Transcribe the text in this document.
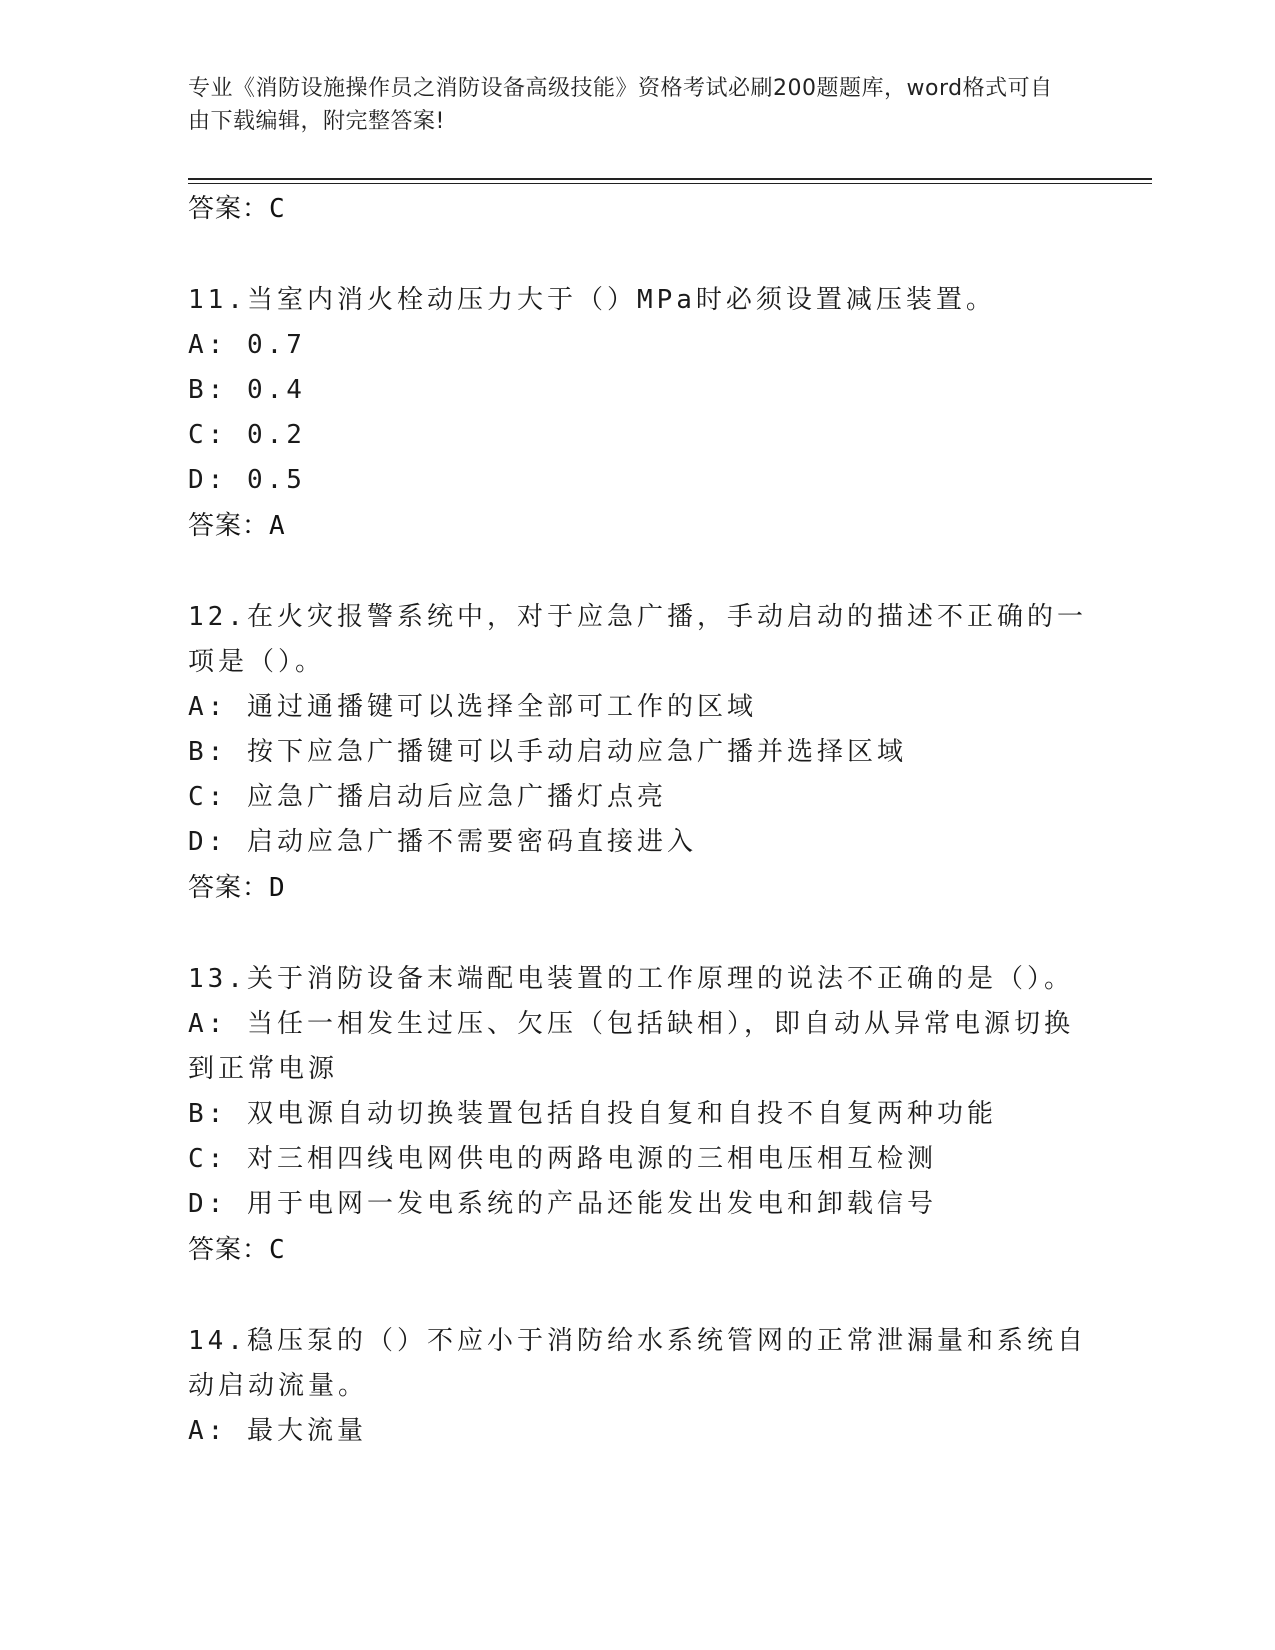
专业《消防设施操作员之消防设备高级技能》资格考试必刷200题题库，word格式可自由下载编辑，附完整答案!
答案：C
11.当室内消火栓动压力大于（）MPa时必须设置减压装置。
A: 0.7
B: 0.4
C: 0.2
D: 0.5
答案：A
12.在火灾报警系统中，对于应急广播，手动启动的描述不正确的一项是（）。
A: 通过通播键可以选择全部可工作的区域
B: 按下应急广播键可以手动启动应急广播并选择区域
C: 应急广播启动后应急广播灯点亮
D: 启动应急广播不需要密码直接进入
答案：D
13.关于消防设备末端配电装置的工作原理的说法不正确的是（）。
A: 当任一相发生过压、欠压（包括缺相），即自动从异常电源切换到正常电源
B: 双电源自动切换装置包括自投自复和自投不自复两种功能
C: 对三相四线电网供电的两路电源的三相电压相互检测
D: 用于电网一发电系统的产品还能发出发电和卸载信号
答案：C
14.稳压泵的（）不应小于消防给水系统管网的正常泄漏量和系统自动启动流量。
A: 最大流量
